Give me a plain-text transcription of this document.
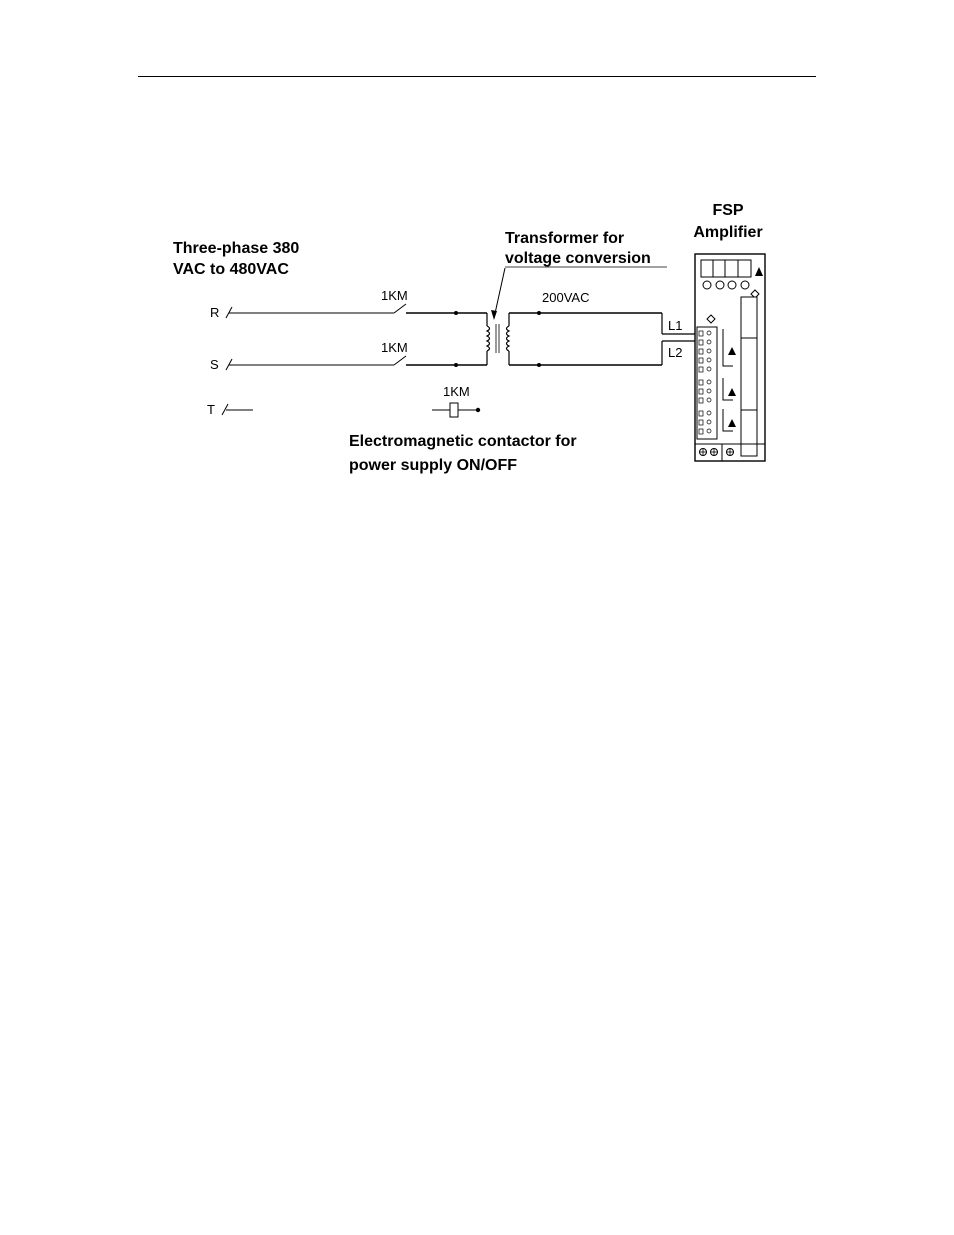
Three-phase 380
VAC to 480VAC
Transformer for
voltage conversion
FSP
Amplifier
R
1KM
S
1KM
200VAC
L1
L2
T
1KM
Electromagnetic contactor for
power supply ON/OFF
